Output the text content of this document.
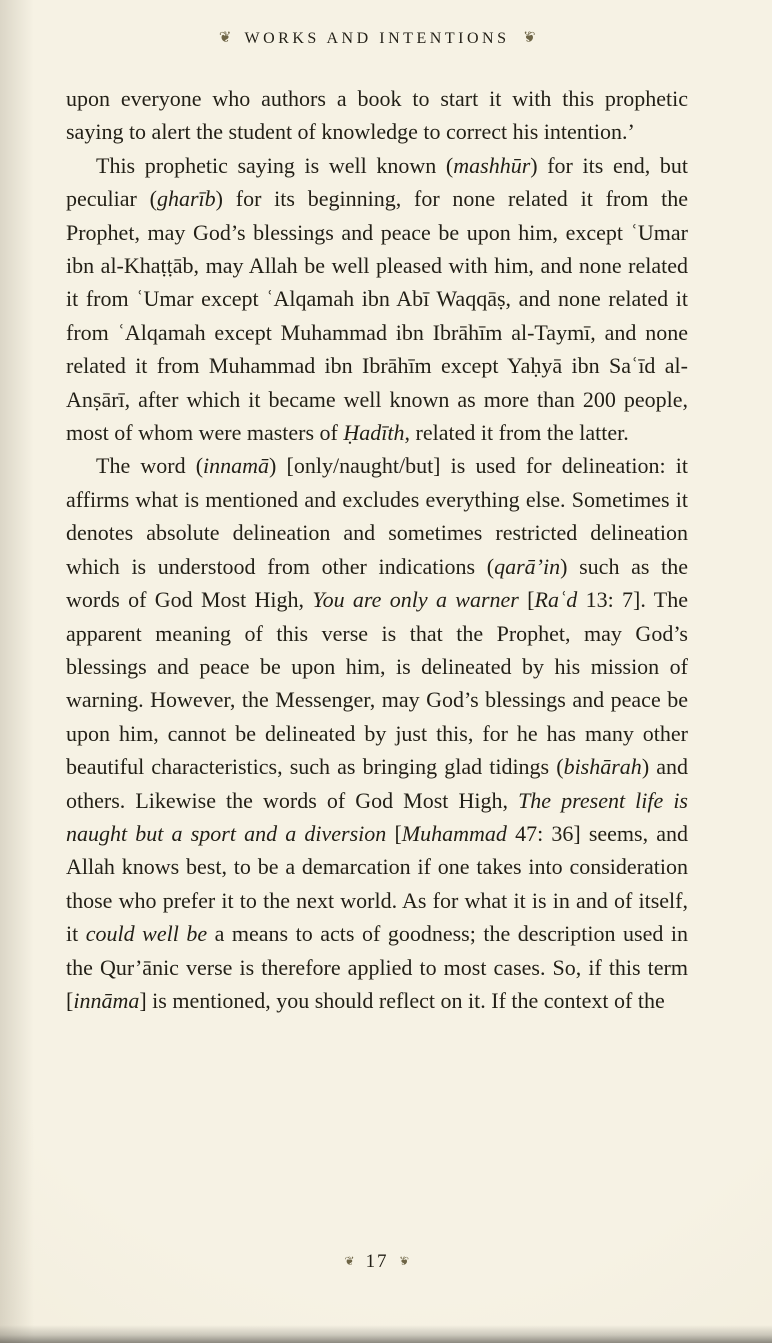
❦ WORKS AND INTENTIONS ❦

upon everyone who authors a book to start it with this prophetic saying to alert the student of knowledge to correct his intention.’

This prophetic saying is well known (mashhūr) for its end, but peculiar (gharīb) for its beginning, for none related it from the Prophet, may God’s blessings and peace be upon him, except ʿUmar ibn al-Khaṭṭāb, may Allah be well pleased with him, and none related it from ʿUmar except ʿAlqamah ibn Abī Waqqāṣ, and none related it from ʿAlqamah except Muhammad ibn Ibrāhīm al-Taymī, and none related it from Muhammad ibn Ibrāhīm except Yaḥyā ibn Saʿīd al-Anṣārī, after which it became well known as more than 200 people, most of whom were masters of Ḥadīth, related it from the latter.

The word (innamā) [only/naught/but] is used for delineation: it affirms what is mentioned and excludes everything else. Sometimes it denotes absolute delineation and sometimes restricted delineation which is understood from other indications (qarā’in) such as the words of God Most High, You are only a warner [Raʿd 13: 7]. The apparent meaning of this verse is that the Prophet, may God’s blessings and peace be upon him, is delineated by his mission of warning. However, the Messenger, may God’s blessings and peace be upon him, cannot be delineated by just this, for he has many other beautiful characteristics, such as bringing glad tidings (bishārah) and others. Likewise the words of God Most High, The present life is naught but a sport and a diversion [Muhammad 47: 36] seems, and Allah knows best, to be a demarcation if one takes into consideration those who prefer it to the next world. As for what it is in and of itself, it could well be a means to acts of goodness; the description used in the Qur’ānic verse is therefore applied to most cases. So, if this term [innāma] is mentioned, you should reflect on it. If the context of the

❦ 17 ❦
